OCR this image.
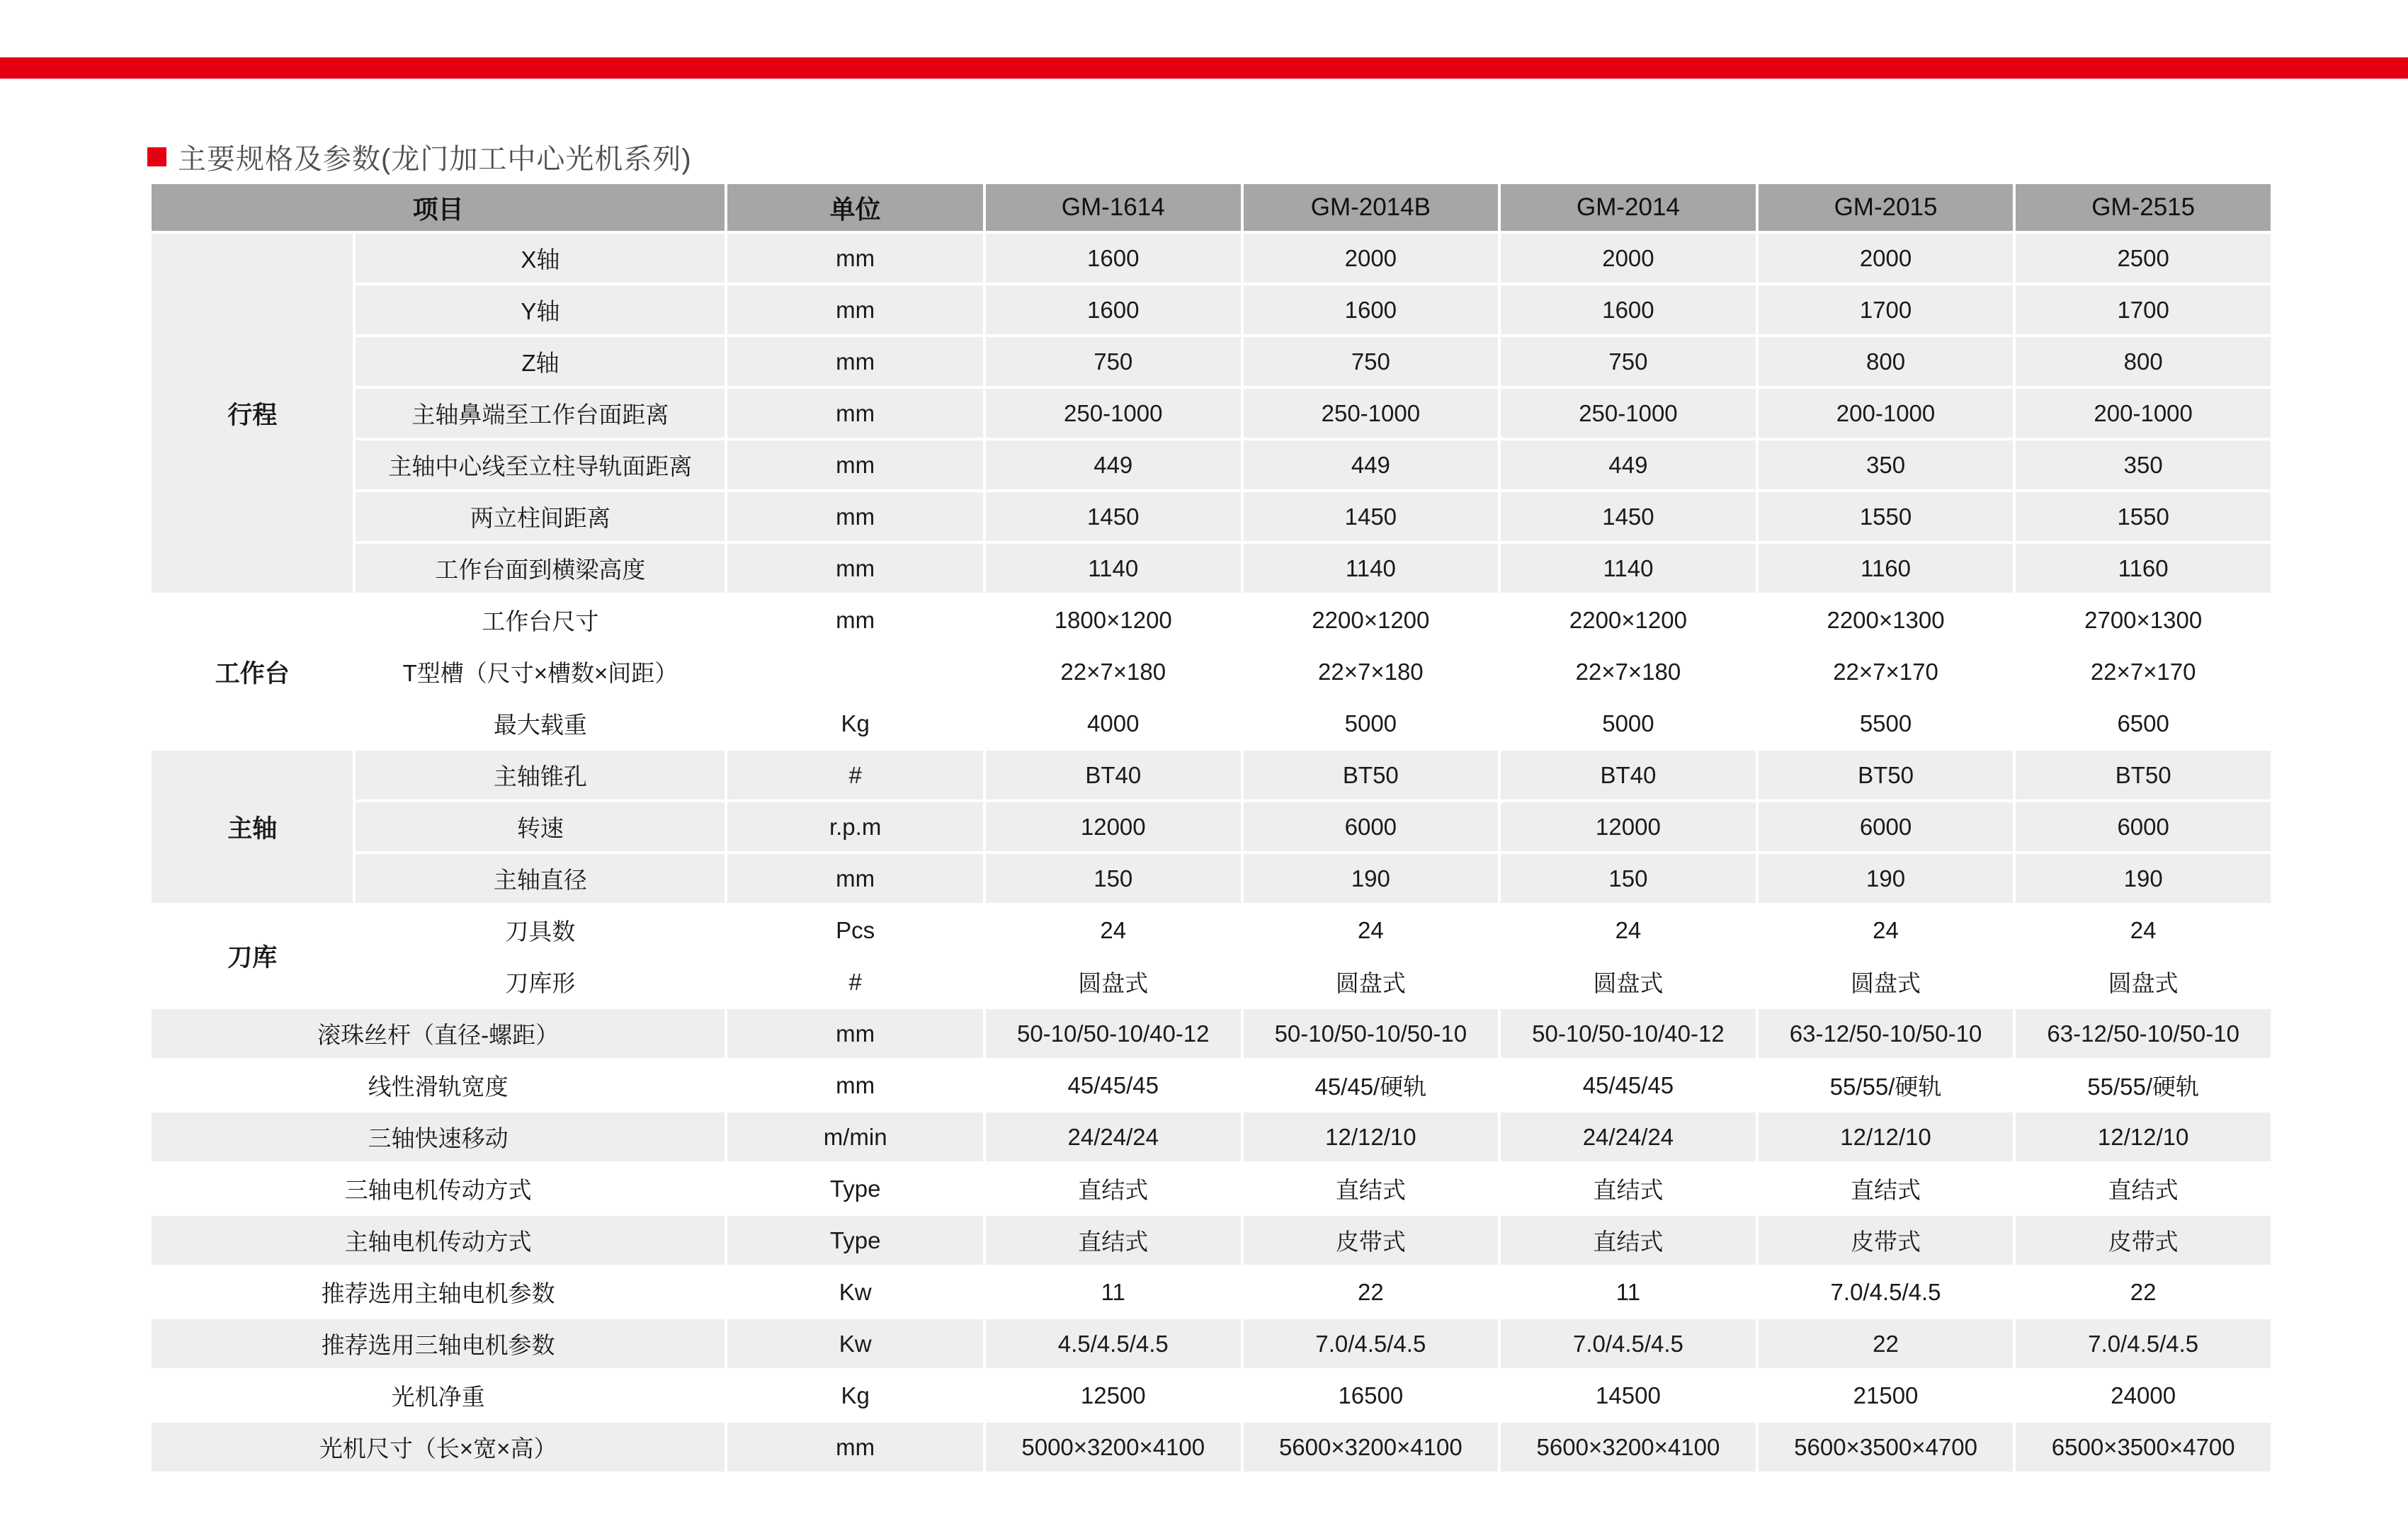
主要规格及参数(龙门加工中心光机系列)
项目		单位	GM-1614	GM-2014B	GM-2014	GM-2015	GM-2515
行程	X轴	mm	1600	2000	2000	2000	2500
	Y轴	mm	1600	1600	1600	1700	1700
	Z轴	mm	750	750	750	800	800
	主轴鼻端至工作台面距离	mm	250-1000	250-1000	250-1000	200-1000	200-1000
	主轴中心线至立柱导轨面距离	mm	449	449	449	350	350
	两立柱间距离	mm	1450	1450	1450	1550	1550
	工作台面到横梁高度	mm	1140	1140	1140	1160	1160
工作台	工作台尺寸	mm	1800×1200	2200×1200	2200×1200	2200×1300	2700×1300
	T型槽（尺寸×槽数×间距）		22×7×180	22×7×180	22×7×180	22×7×170	22×7×170
	最大载重	Kg	4000	5000	5000	5500	6500
主轴	主轴锥孔	#	BT40	BT50	BT40	BT50	BT50
	转速	r.p.m	12000	6000	12000	6000	6000
	主轴直径	mm	150	190	150	190	190
刀库	刀具数	Pcs	24	24	24	24	24
	刀库形	#	圆盘式	圆盘式	圆盘式	圆盘式	圆盘式
滚珠丝杆（直径-螺距）		mm	50-10/50-10/40-12	50-10/50-10/50-10	50-10/50-10/40-12	63-12/50-10/50-10	63-12/50-10/50-10
线性滑轨宽度		mm	45/45/45	45/45/硬轨	45/45/45	55/55/硬轨	55/55/硬轨
三轴快速移动		m/min	24/24/24	12/12/10	24/24/24	12/12/10	12/12/10
三轴电机传动方式		Type	直结式	直结式	直结式	直结式	直结式
主轴电机传动方式		Type	直结式	皮带式	直结式	皮带式	皮带式
推荐选用主轴电机参数		Kw	11	22	11	7.0/4.5/4.5	22
推荐选用三轴电机参数		Kw	4.5/4.5/4.5	7.0/4.5/4.5	7.0/4.5/4.5	22	7.0/4.5/4.5
光机净重		Kg	12500	16500	14500	21500	24000
光机尺寸（长×宽×高）		mm	5000×3200×4100	5600×3200×4100	5600×3200×4100	5600×3500×4700	6500×3500×4700
